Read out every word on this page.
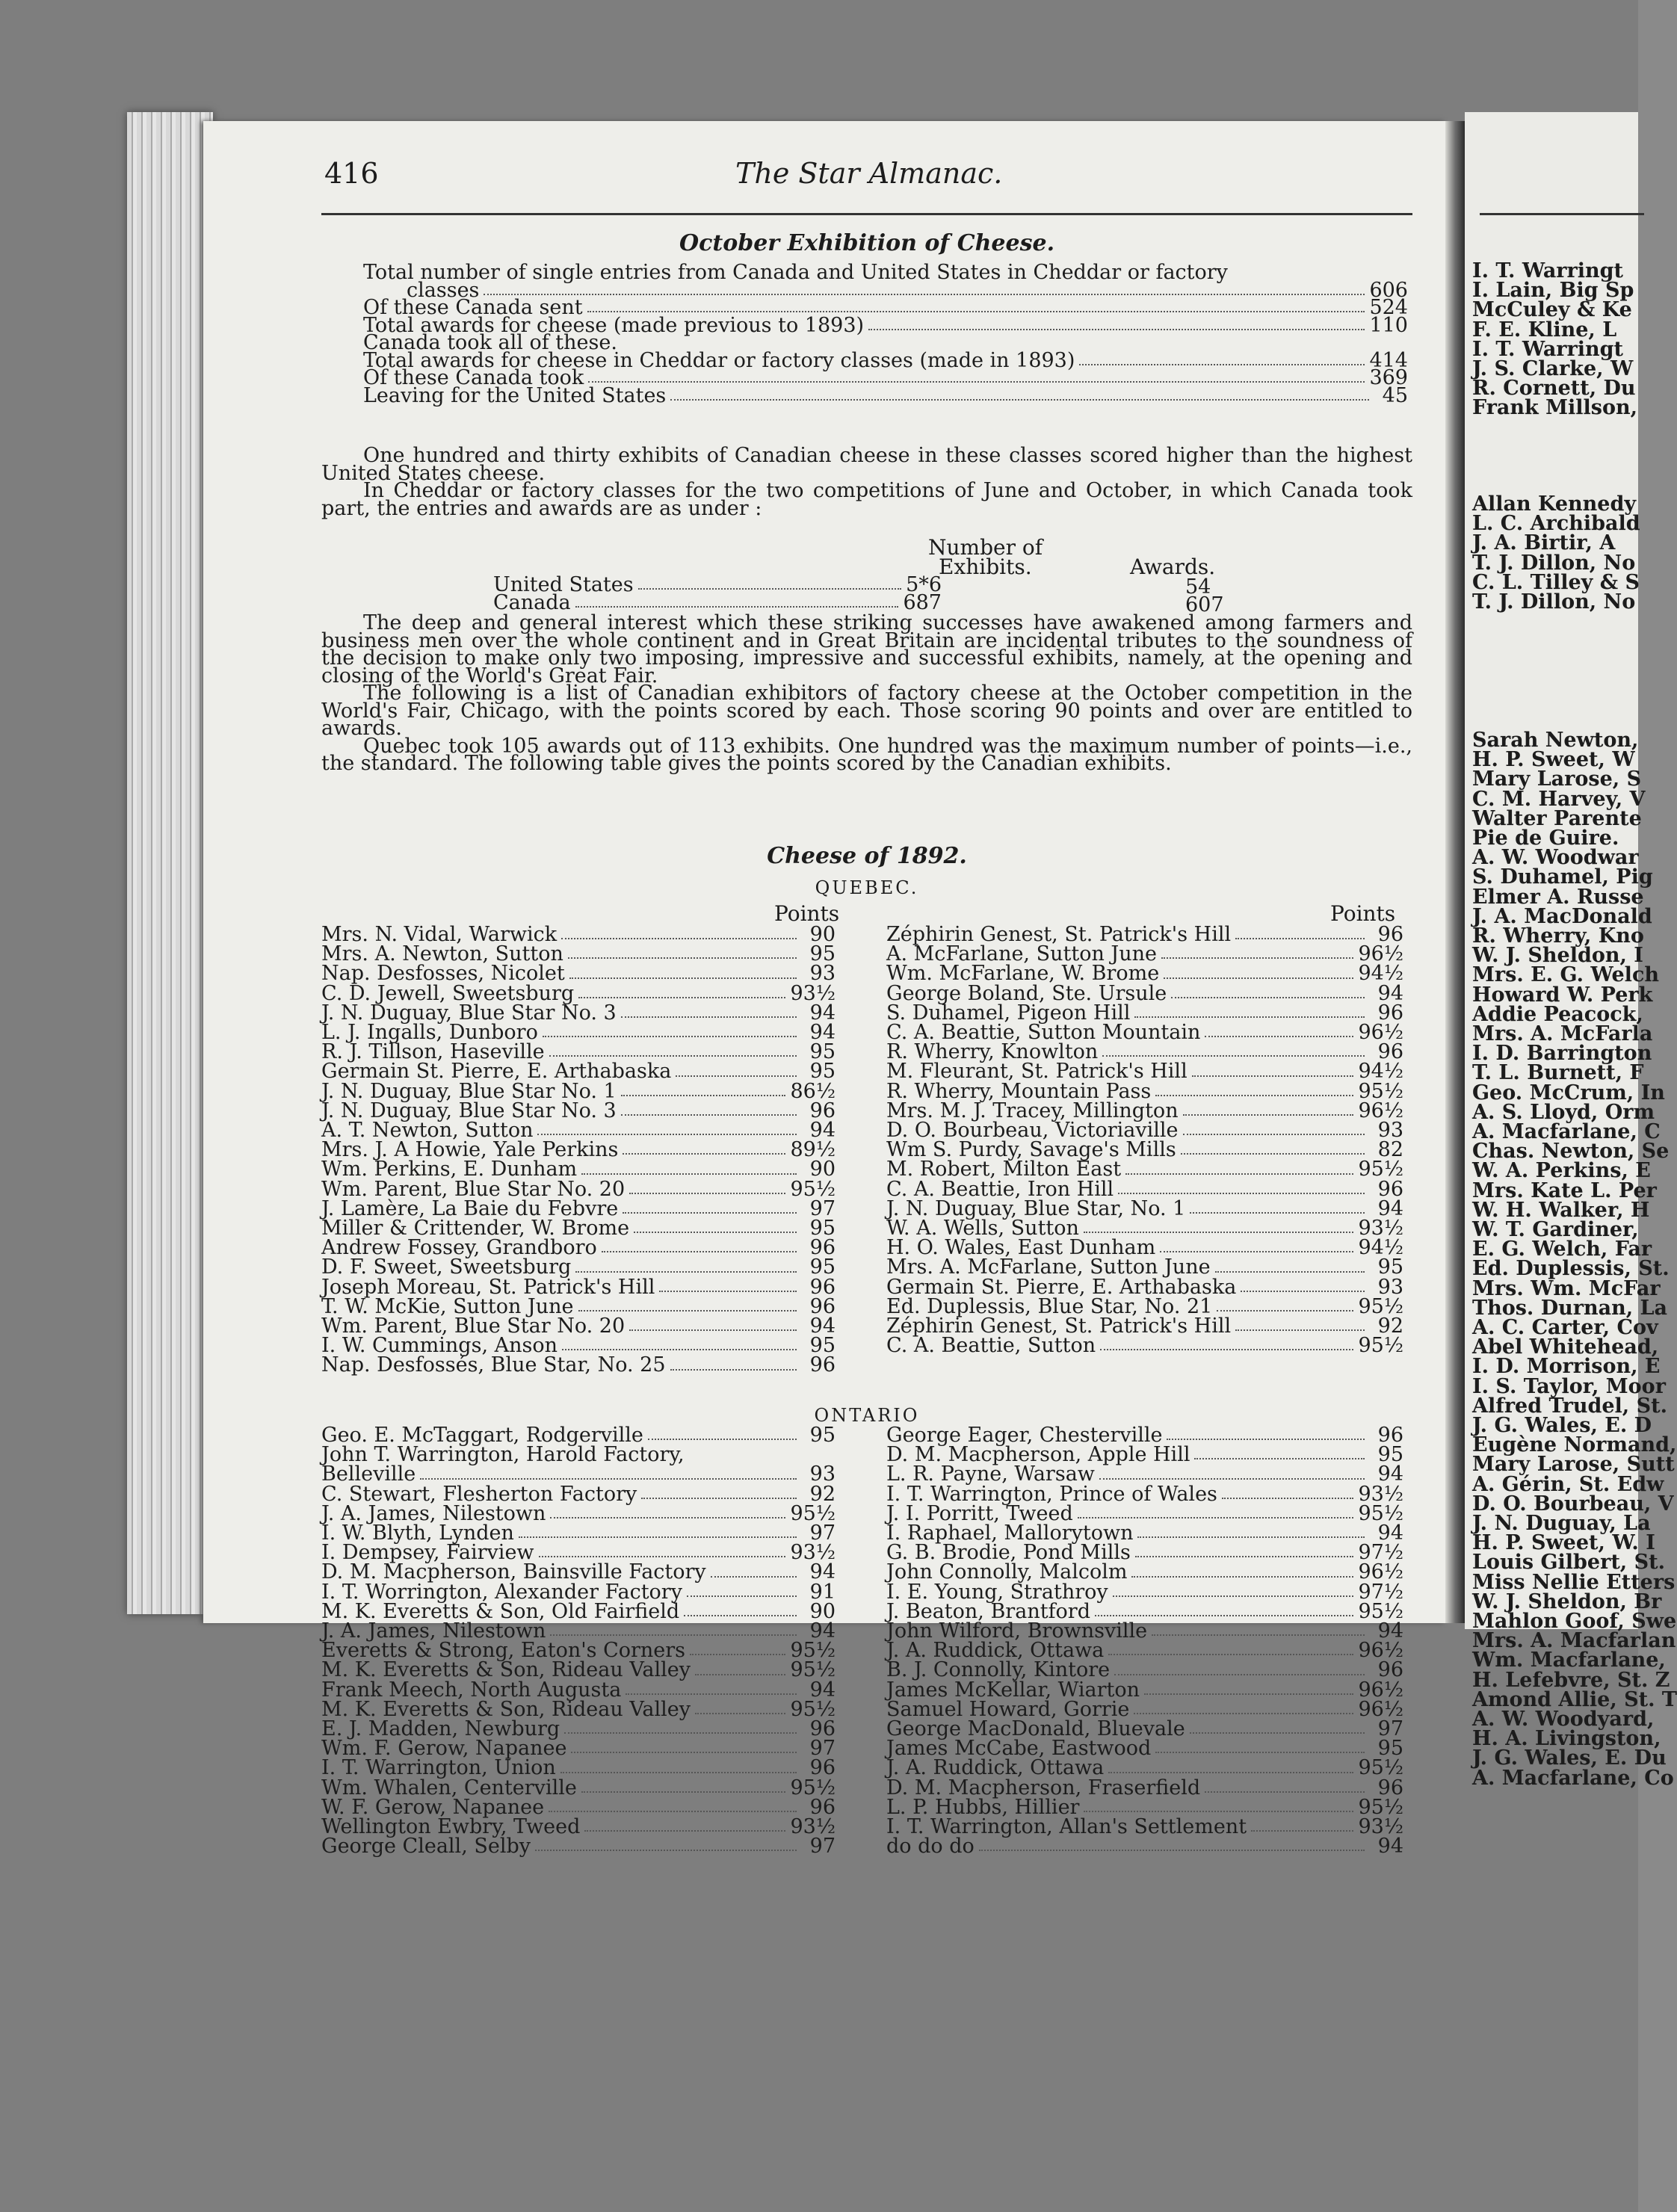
I. T. Warringt
I. Lain, Big Sp
McCuley & Ke
F. E. Kline, L
I. T. Warringt
J. S. Clarke, W
R. Cornett, Du
Frank Millson,
Allan Kennedy
L. C. Archibald
J. A. Birtir, A
T. J. Dillon, No
C. L. Tilley & S
T. J. Dillon, No
Sarah Newton,
H. P. Sweet, W
Mary Larose, S
C. M. Harvey, V
Walter Parente
Pie de Guire.
A. W. Woodwar
S. Duhamel, Pig
Elmer A. Russe
J. A. MacDonald
R. Wherry, Kno
W. J. Sheldon, I
Mrs. E. G. Welch
Howard W. Perk
Addie Peacock,
Mrs. A. McFarla
I. D. Barrington
T. L. Burnett, F
Geo. McCrum, In
A. S. Lloyd, Orm
A. Macfarlane, C
Chas. Newton, Se
W. A. Perkins, E
Mrs. Kate L. Per
W. H. Walker, H
W. T. Gardiner,
E. G. Welch, Far
Ed. Duplessis, St.
Mrs. Wm. McFar
Thos. Durnan, La
A. C. Carter, Cov
Abel Whitehead,
I. D. Morrison, E
I. S. Taylor, Moor
Alfred Trudel, St.
J. G. Wales, E. D
Eugène Normand,
Mary Larose, Sutt
A. Gérin, St. Edw
D. O. Bourbeau, V
J. N. Duguay, La
H. P. Sweet, W. I
Louis Gilbert, St.
Miss Nellie Etters
W. J. Sheldon, Br
Mahlon Goof, Swe
Mrs. A. Macfarlan
Wm. Macfarlane,
H. Lefebvre, St. Z
Amond Allie, St. T
A. W. Woodyard,
H. A. Livingston,
J. G. Wales, E. Du
A. Macfarlane, Co
416	The Star Almanac.
October Exhibition of Cheese.

One hundred and thirty exhibits of Canadian cheese in these classes scored higher than the highest United States cheese.

In Cheddar or factory classes for the two competitions of June and October, in which Canada took part, the entries and awards are as under :

Number of
Exhibits.	Awards.

The deep and general interest which these striking successes have awakened among farmers and business men over the whole continent and in Great Britain are incidental tributes to the soundness of the decision to make only two imposing, impressive and successful exhibits, namely, at the opening and closing of the World's Great Fair.

The following is a list of Canadian exhibitors of factory cheese at the October competition in the World's Fair, Chicago, with the points scored by each. Those scoring 90 points and over are entitled to awards.

Quebec took 105 awards out of 113 exhibits. One hundred was the maximum number of points—i.e., the standard. The following table gives the points scored by the Canadian exhibits.

Cheese of 1892.
QUEBEC.
Points	Points
ONTARIO
Total number of single entries from Canada and United States in Cheddar or factory
classes	606
Of these Canada sent	524
Total awards for cheese (made previous to 1893)	110
Canada took all of these.
Total awards for cheese in Cheddar or factory classes (made in 1893)	414
Of these Canada took	369
Leaving for the United States	45
United States	5*6	54
Canada	687	607
Mrs. N. Vidal, Warwick	90
Mrs. A. Newton, Sutton	95
Nap. Desfosses, Nicolet	93
C. D. Jewell, Sweetsburg	93½
J. N. Duguay, Blue Star No. 3	94
L. J. Ingalls, Dunboro	94
R. J. Tillson, Haseville	95
Germain St. Pierre, E. Arthabaska	95
J. N. Duguay, Blue Star No. 1	86½
J. N. Duguay, Blue Star No. 3	96
A. T. Newton, Sutton	94
Mrs. J. A Howie, Yale Perkins	89½
Wm. Perkins, E. Dunham	90
Wm. Parent, Blue Star No. 20	95½
J. Lamère, La Baie du Febvre	97
Miller & Crittender, W. Brome	95
Andrew Fossey, Grandboro	96
D. F. Sweet, Sweetsburg	95
Joseph Moreau, St. Patrick's Hill	96
T. W. McKie, Sutton June	96
Wm. Parent, Blue Star No. 20	94
I. W. Cummings, Anson	95
Nap. Desfossés, Blue Star, No. 25	96
Zéphirin Genest, St. Patrick's Hill	96
A. McFarlane, Sutton June	96½
Wm. McFarlane, W. Brome	94½
George Boland, Ste. Ursule	94
S. Duhamel, Pigeon Hill	96
C. A. Beattie, Sutton Mountain	96½
R. Wherry, Knowlton	96
M. Fleurant, St. Patrick's Hill	94½
R. Wherry, Mountain Pass	95½
Mrs. M. J. Tracey, Millington	96½
D. O. Bourbeau, Victoriaville	93
Wm S. Purdy, Savage's Mills	82
M. Robert, Milton East	95½
C. A. Beattie, Iron Hill	96
J. N. Duguay, Blue Star, No. 1	94
W. A. Wells, Sutton	93½
H. O. Wales, East Dunham	94½
Mrs. A. McFarlane, Sutton June	95
Germain St. Pierre, E. Arthabaska	93
Ed. Duplessis, Blue Star, No. 21	95½
Zéphirin Genest, St. Patrick's Hill	92
C. A. Beattie, Sutton	95½
Geo. E. McTaggart, Rodgerville	95
John T. Warrington, Harold Factory,
Belleville	93
C. Stewart, Flesherton Factory	92
J. A. James, Nilestown	95½
I. W. Blyth, Lynden	97
I. Dempsey, Fairview	93½
D. M. Macpherson, Bainsville Factory	94
I. T. Worrington, Alexander Factory	91
M. K. Everetts & Son, Old Fairfield	90
J. A. James, Nilestown	94
Everetts & Strong, Eaton's Corners	95½
M. K. Everetts & Son, Rideau Valley	95½
Frank Meech, North Augusta	94
M. K. Everetts & Son, Rideau Valley	95½
E. J. Madden, Newburg	96
Wm. F. Gerow, Napanee	97
I. T. Warrington, Union	96
Wm. Whalen, Centerville	95½
W. F. Gerow, Napanee	96
Wellington Ewbry, Tweed	93½
George Cleall, Selby	97
George Eager, Chesterville	96
D. M. Macpherson, Apple Hill	95
L. R. Payne, Warsaw	94
I. T. Warrington, Prince of Wales	93½
J. I. Porritt, Tweed	95½
I. Raphael, Mallorytown	94
G. B. Brodie, Pond Mills	97½
John Connolly, Malcolm	96½
I. E. Young, Strathroy	97½
J. Beaton, Brantford	95½
John Wilford, Brownsville	94
J. A. Ruddick, Ottawa	96½
B. J. Connolly, Kintore	96
James McKellar, Wiarton	96½
Samuel Howard, Gorrie	96½
George MacDonald, Bluevale	97
James McCabe, Eastwood	95
J. A. Ruddick, Ottawa	95½
D. M. Macpherson, Fraserfield	96
L. P. Hubbs, Hillier	95½
I. T. Warrington, Allan's Settlement	93½
do do do	94
